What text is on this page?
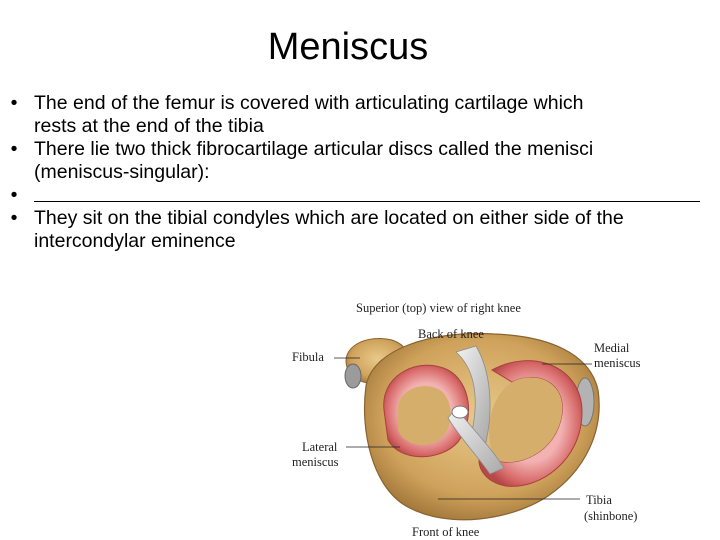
Meniscus
• The end of the femur is covered with articulating cartilage which
rests at the end of the tibia
• There lie two thick fibrocartilage articular discs called the menisci
(meniscus-singular):
•
• They sit on the tibial condyles which are located on either side of the
intercondylar eminence
Superior (top) view of right knee
Back of knee
Fibula
Medial
meniscus
Lateral
meniscus
Tibia
(shinbone)
Front of knee
